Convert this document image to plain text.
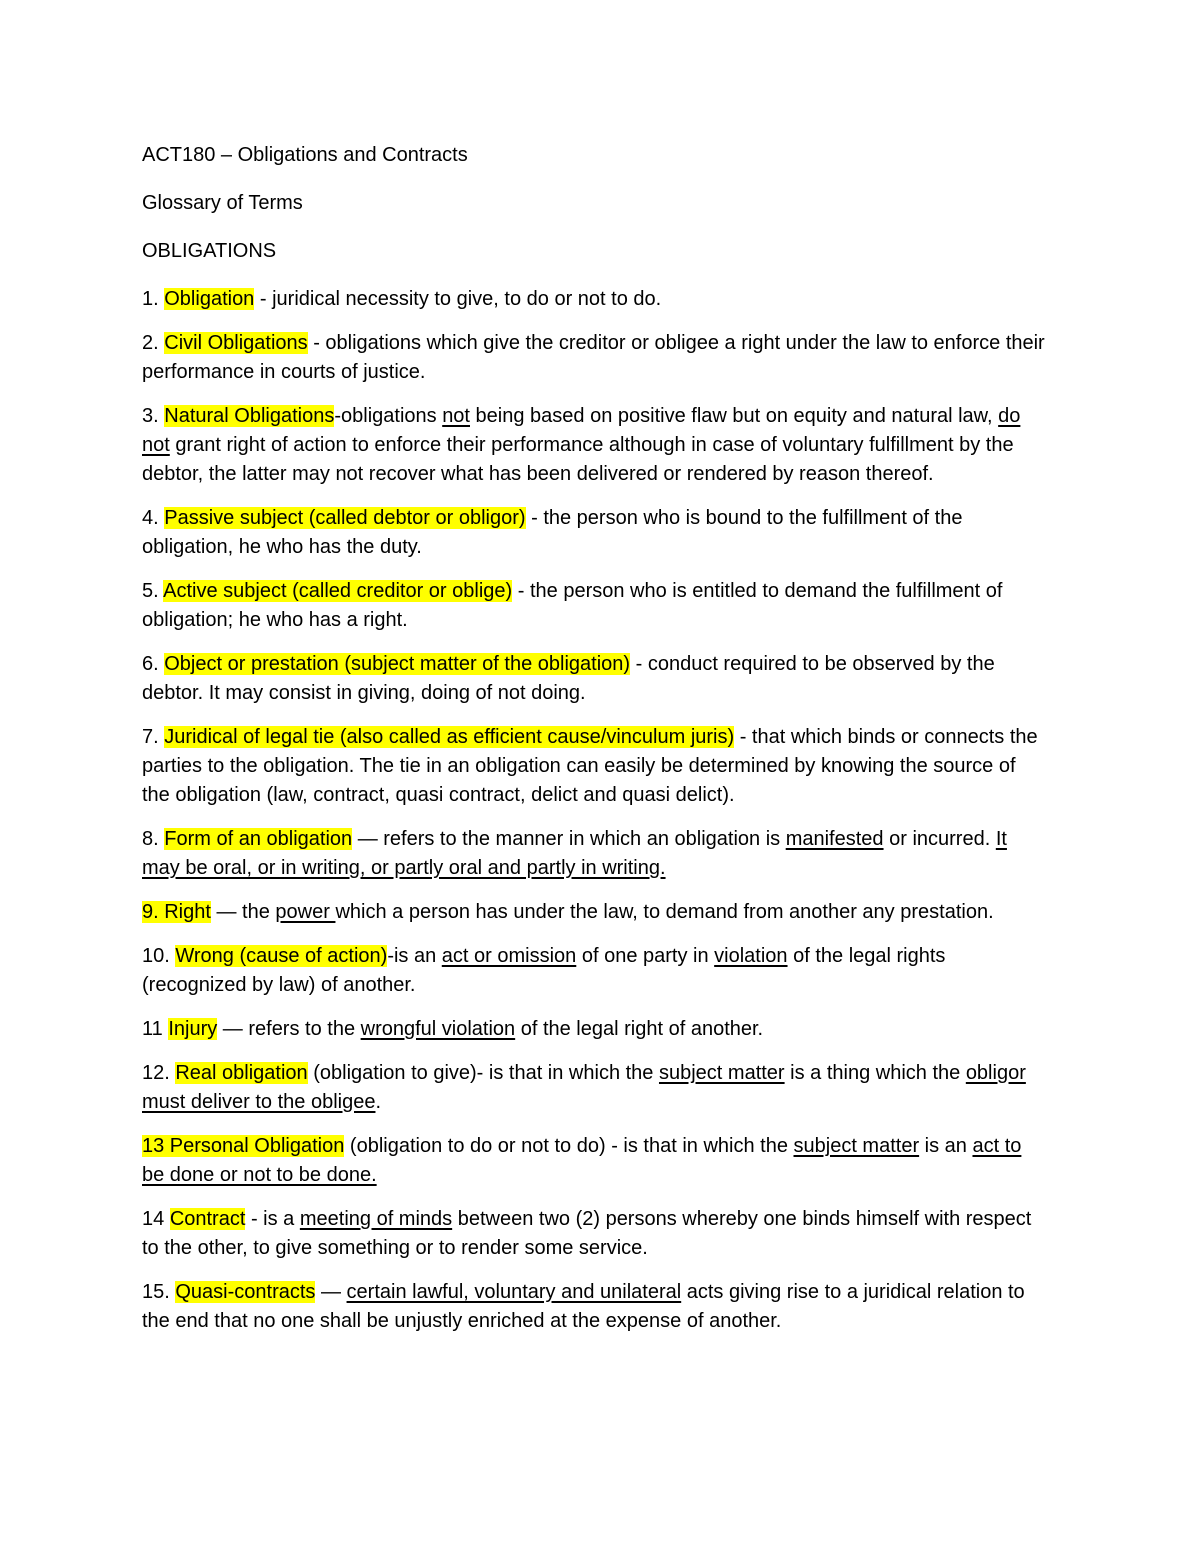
ACT180 – Obligations and Contracts

Glossary of Terms

OBLIGATIONS

1. Obligation - juridical necessity to give, to do or not to do.

2. Civil Obligations - obligations which give the creditor or obligee a right under the law to enforce their performance in courts of justice.

3. Natural Obligations-obligations not being based on positive flaw but on equity and natural law, do not grant right of action to enforce their performance although in case of voluntary fulfillment by the debtor, the latter may not recover what has been delivered or rendered by reason thereof.

4. Passive subject (called debtor or obligor) - the person who is bound to the fulfillment of the obligation, he who has the duty.

5. Active subject (called creditor or oblige) - the person who is entitled to demand the fulfillment of obligation; he who has a right.

6. Object or prestation (subject matter of the obligation) - conduct required to be observed by the debtor. It may consist in giving, doing of not doing.

7. Juridical of legal tie (also called as efficient cause/vinculum juris) - that which binds or connects the parties to the obligation. The tie in an obligation can easily be determined by knowing the source of the obligation (law, contract, quasi contract, delict and quasi delict).

8. Form of an obligation — refers to the manner in which an obligation is manifested or incurred. It may be oral, or in writing, or partly oral and partly in writing.

9. Right — the power which a person has under the law, to demand from another any prestation.

10. Wrong (cause of action)-is an act or omission of one party in violation of the legal rights (recognized by law) of another.

11 Injury — refers to the wrongful violation of the legal right of another.

12. Real obligation (obligation to give)- is that in which the subject matter is a thing which the obligor must deliver to the obligee.

13 Personal Obligation (obligation to do or not to do) - is that in which the subject matter is an act to be done or not to be done.

14 Contract - is a meeting of minds between two (2) persons whereby one binds himself with respect to the other, to give something or to render some service.

15. Quasi-contracts — certain lawful, voluntary and unilateral acts giving rise to a juridical relation to the end that no one shall be unjustly enriched at the expense of another.
